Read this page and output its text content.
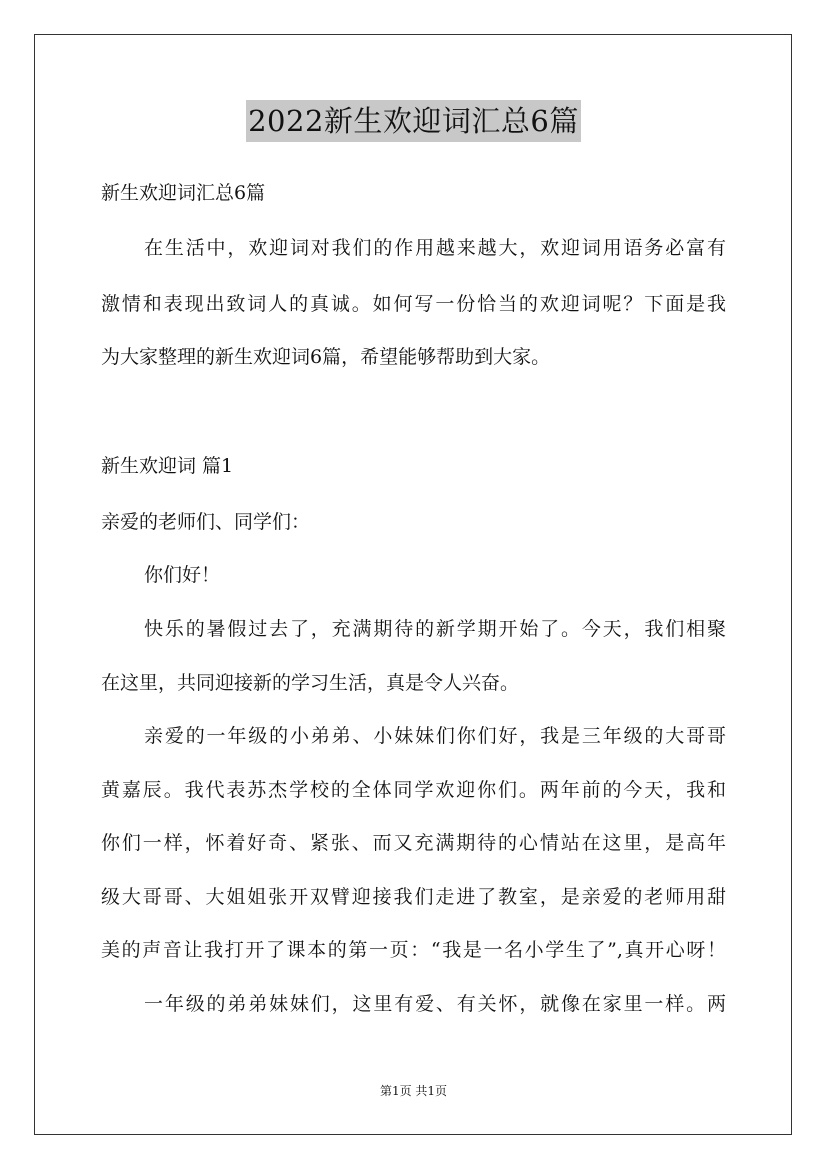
2022新生欢迎词汇总6篇
新生欢迎词汇总6篇
在生活中，欢迎词对我们的作用越来越大，欢迎词用语务必富有
激情和表现出致词人的真诚。如何写一份恰当的欢迎词呢？下面是我
为大家整理的新生欢迎词6篇，希望能够帮助到大家。
新生欢迎词 篇1
亲爱的老师们、同学们：
你们好！
快乐的暑假过去了，充满期待的新学期开始了。今天，我们相聚
在这里，共同迎接新的学习生活，真是令人兴奋。
亲爱的一年级的小弟弟、小妹妹们你们好，我是三年级的大哥哥
黄嘉辰。我代表苏杰学校的全体同学欢迎你们。两年前的今天，我和
你们一样，怀着好奇、紧张、而又充满期待的心情站在这里，是高年
级大哥哥、大姐姐张开双臂迎接我们走进了教室，是亲爱的老师用甜
美的声音让我打开了课本的第一页：“我是一名小学生了”,真开心呀！
一年级的弟弟妹妹们，这里有爱、有关怀，就像在家里一样。两
第1页 共1页
